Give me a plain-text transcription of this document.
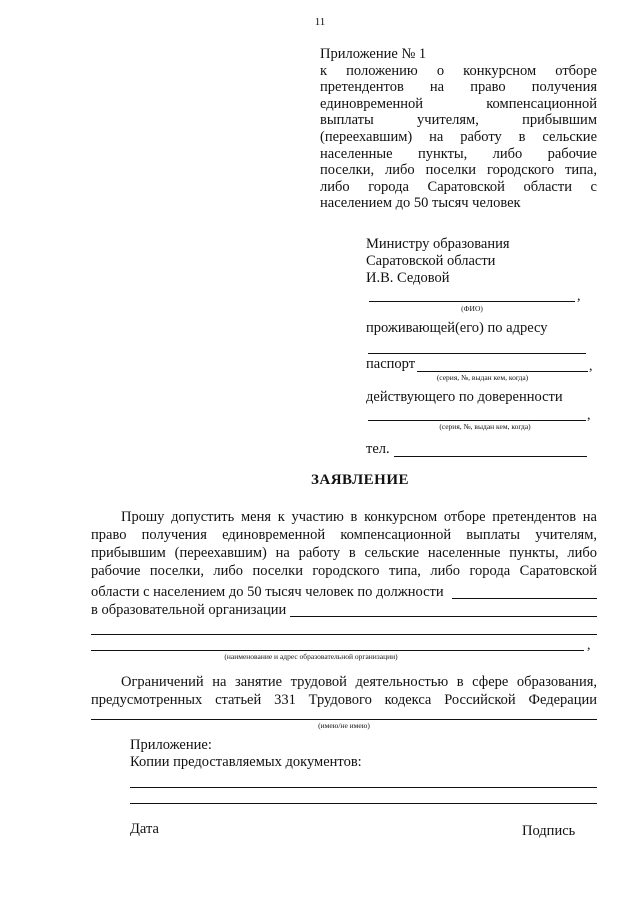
11
Приложение № 1
к положению о конкурсном отборе
претендентов на право получения
единовременной компенсационной
выплаты учителям, прибывшим
(переехавшим) на работу в сельские
населенные пункты, либо рабочие
поселки, либо поселки городского типа,
либо города Саратовской области с
населением до 50 тысяч человек
Министру образования
Саратовской области
И.В. Седовой
,
(ФИО)
проживающей(его) по адресу
паспорт	,
(серия, №, выдан кем, когда)
действующего по доверенности
,
(серия, №, выдан кем, когда)
тел.
ЗАЯВЛЕНИЕ
Прошу допустить меня к участию в конкурсном отборе претендентов на
право получения единовременной компенсационной выплаты учителям,
прибывшим (переехавшим) на работу в сельские населенные пункты, либо
рабочие поселки, либо поселки городского типа, либо города Саратовской
области с населением до 50 тысяч человек по должности
в образовательной организации
,
(наименование и адрес образовательной организации)
Ограничений на занятие трудовой деятельностью в сфере образования,
предусмотренных статьей 331 Трудового кодекса Российской Федерации
(имею/не имею)
Приложение:
Копии предоставляемых документов:
Дата	Подпись
